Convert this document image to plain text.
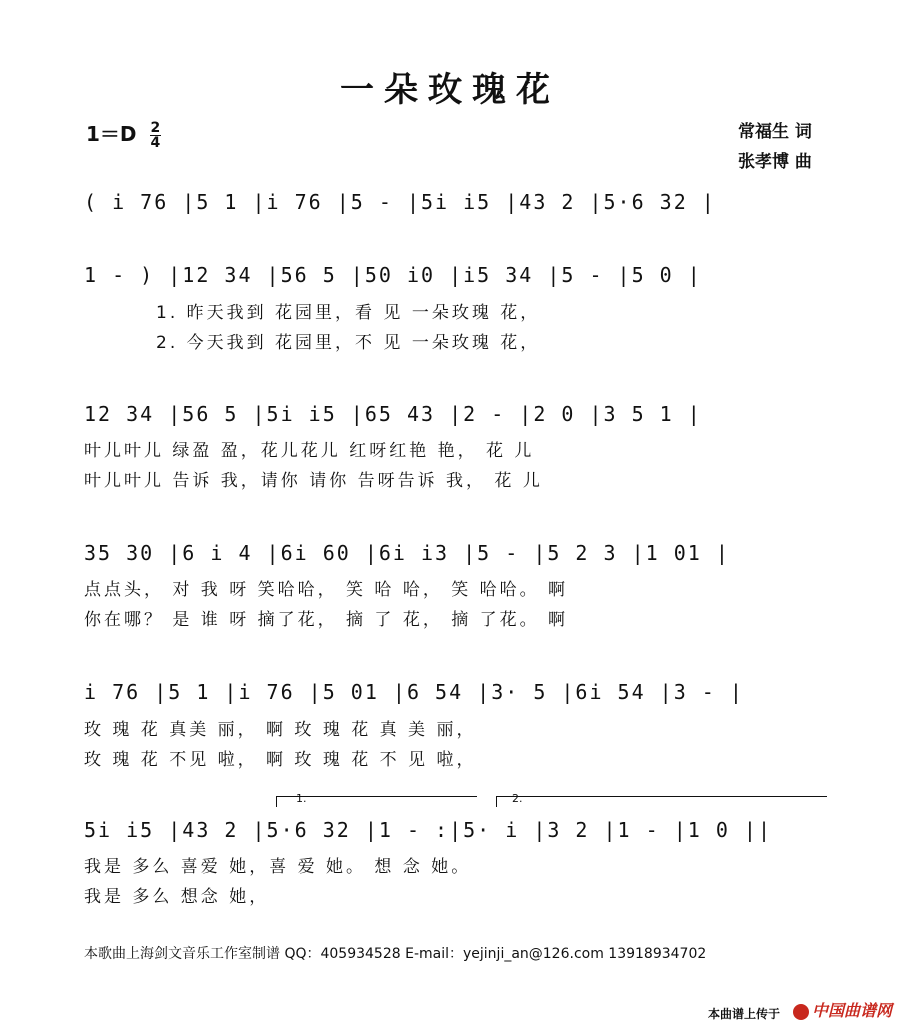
一朵玫瑰花
$1=D \frac{2}{4}$	常福生 词
张孝博 曲
( i 76 |5 1 |i 76 |5 - |5i i5 |43 2 |5·6 32 |
1 - ) |12 34 |56 5 |50 i0 |i5 34 |5 - |5 0 |
1. 昨天我到 花园里，看 见 一朵玫瑰 花，
2. 今天我到 花园里，不 见 一朵玫瑰 花，
12 34 |56 5 |5i i5 |65 43 |2 - |2 0 |3 5 1 |
叶儿叶儿 绿盈 盈，花儿花儿 红呀红艳 艳， 花 儿
叶儿叶儿 告诉 我，请你 请你 告呀告诉 我， 花 儿
35 30 |6 i 4 |6i 60 |6i i3 |5 - |5 2 3 |1 01 |
点点头， 对 我 呀 笑哈哈， 笑 哈 哈， 笑 哈哈。 啊
你在哪？ 是 谁 呀 摘了花， 摘 了 花， 摘 了花。 啊
i 76 |5 1 |i 76 |5 01 |6 54 |3· 5 |6i 54 |3 - |
玫 瑰 花 真美 丽， 啊 玫 瑰 花 真 美 丽，
玫 瑰 花 不见 啦， 啊 玫 瑰 花 不 见 啦，
1.	2.
5i i5 |43 2 |5·6 32 |1 - :|5· i |3 2 |1 - |1 0 ||
我是 多么 喜爱 她，喜 爱 她。 想 念 她。
我是 多么 想念 她，
本歌曲上海剑文音乐工作室制谱 QQ：405934528 E-mail：yejinji_an@126.com 13918934702
本曲谱上传于	中国曲谱网
